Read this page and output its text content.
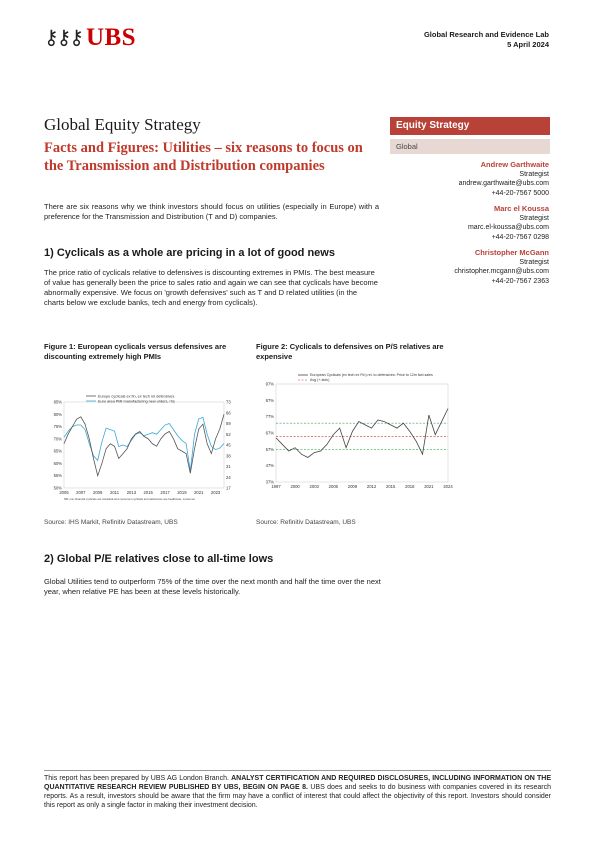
⚷⚷⚷ UBS	Global Research and Evidence Lab
5 April 2024
Global Equity Strategy
Facts and Figures: Utilities – six reasons to focus on the Transmission and Distribution companies
Equity Strategy
Global
Andrew Garthwaite
Strategist
andrew.garthwaite@ubs.com
+44-20-7567 5000
Marc el Koussa
Strategist
marc.el-koussa@ubs.com
+44-20-7567 0298
Christopher McGann
Strategist
christopher.mcgann@ubs.com
+44-20-7567 2363
There are six reasons why we think investors should focus on utilities (especially in Europe) with a preference for the Transmission and Distribution (T and D) companies.
1) Cyclicals as a whole are pricing in a lot of good news
The price ratio of cyclicals relative to defensives is discounting extremes in PMIs. The best measure of value has generally been the price to sales ratio and again we can see that cyclicals have become abnormally expensive. We focus on 'growth defensives' such as T and D related utilities (in the charts below we exclude banks, tech and energy from cyclicals).
Figure 1: European cyclicals versus defensives are discounting extremely high PMIs
Figure 2: Cyclicals to defensives on P/S relatives are expensive
85%
80%
75%
70%
65%
60%
55%
50%
73
66
59
52
45
38
31
24
17
2005 2007 2009 2011 2013 2015 2017 2019 2021 2023
Europe cyclicals ex fin, ex tech rel defensives
Euro area PMI manufacturing new orders, rhs
NB: non-financial cyclicals are industrial and consumer cyclicals and defensives are healthcare, consumer
97%
87%
77%
67%
57%
47%
37%
1997 2000 2003 2006 2009 2012 2015 2018 2021 2024
European Cyclicals (ex tech ex Fin) rel. to defensives: Price to 12m fwd sales
Avg (+-stdv)
Source: IHS Markit, Refinitiv Datastream, UBS	Source: Refinitiv Datastream, UBS
2) Global P/E relatives close to all-time lows
Global Utilities tend to outperform 75% of the time over the next month and half the time over the next year, when relative PE has been at these levels historically.
This report has been prepared by UBS AG London Branch. ANALYST CERTIFICATION AND REQUIRED DISCLOSURES, INCLUDING INFORMATION ON THE QUANTITATIVE RESEARCH REVIEW PUBLISHED BY UBS, BEGIN ON PAGE 8. UBS does and seeks to do business with companies covered in its research reports. As a result, investors should be aware that the firm may have a conflict of interest that could affect the objectivity of this report. Investors should consider this report as only a single factor in making their investment decision.
